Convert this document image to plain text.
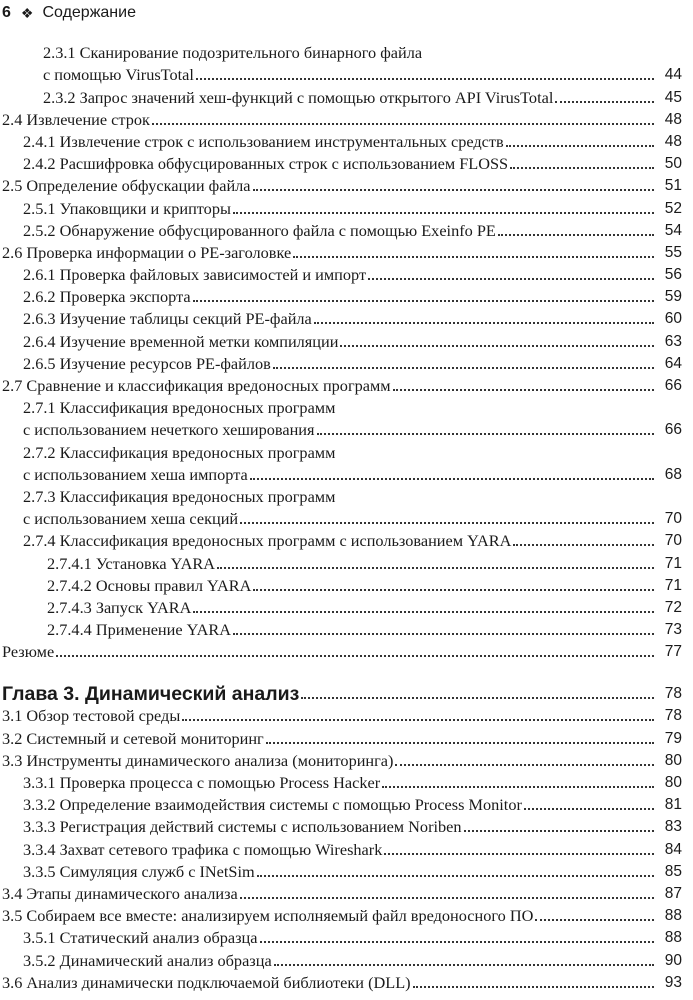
6 ❖ Содержание
2.3.1 Сканирование подозрительного бинарного файла
с помощью VirusTotal	44
2.3.2 Запрос значений хеш-функций с помощью открытого API VirusTotal	45
2.4 Извлечение строк	48
2.4.1 Извлечение строк с использованием инструментальных средств	48
2.4.2 Расшифровка обфусцированных строк с использованием FLOSS	50
2.5 Определение обфускации файла	51
2.5.1 Упаковщики и крипторы	52
2.5.2 Обнаружение обфусцированного файла с помощью Exeinfo PE	54
2.6 Проверка информации о PE-заголовке	55
2.6.1 Проверка файловых зависимостей и импорт	56
2.6.2 Проверка экспорта	59
2.6.3 Изучение таблицы секций PE-файла	60
2.6.4 Изучение временной метки компиляции	63
2.6.5 Изучение ресурсов PE-файлов	64
2.7 Сравнение и классификация вредоносных программ	66
2.7.1 Классификация вредоносных программ
с использованием нечеткого хеширования	66
2.7.2 Классификация вредоносных программ
с использованием хеша импорта	68
2.7.3 Классификация вредоносных программ
с использованием хеша секций	70
2.7.4 Классификация вредоносных программ с использованием YARA	70
2.7.4.1 Установка YARA	71
2.7.4.2 Основы правил YARA	71
2.7.4.3 Запуск YARA	72
2.7.4.4 Применение YARA	73
Резюме	77
Глава 3. Динамический анализ	78
3.1 Обзор тестовой среды	78
3.2 Системный и сетевой мониторинг	79
3.3 Инструменты динамического анализа (мониторинга)	80
3.3.1 Проверка процесса с помощью Process Hacker	80
3.3.2 Определение взаимодействия системы с помощью Process Monitor	81
3.3.3 Регистрация действий системы с использованием Noriben	83
3.3.4 Захват сетевого трафика с помощью Wireshark	84
3.3.5 Симуляция служб с INetSim	85
3.4 Этапы динамического анализа	87
3.5 Собираем все вместе: анализируем исполняемый файл вредоносного ПО	88
3.5.1 Статический анализ образца	88
3.5.2 Динамический анализ образца	90
3.6 Анализ динамически подключаемой библиотеки (DLL)	93
